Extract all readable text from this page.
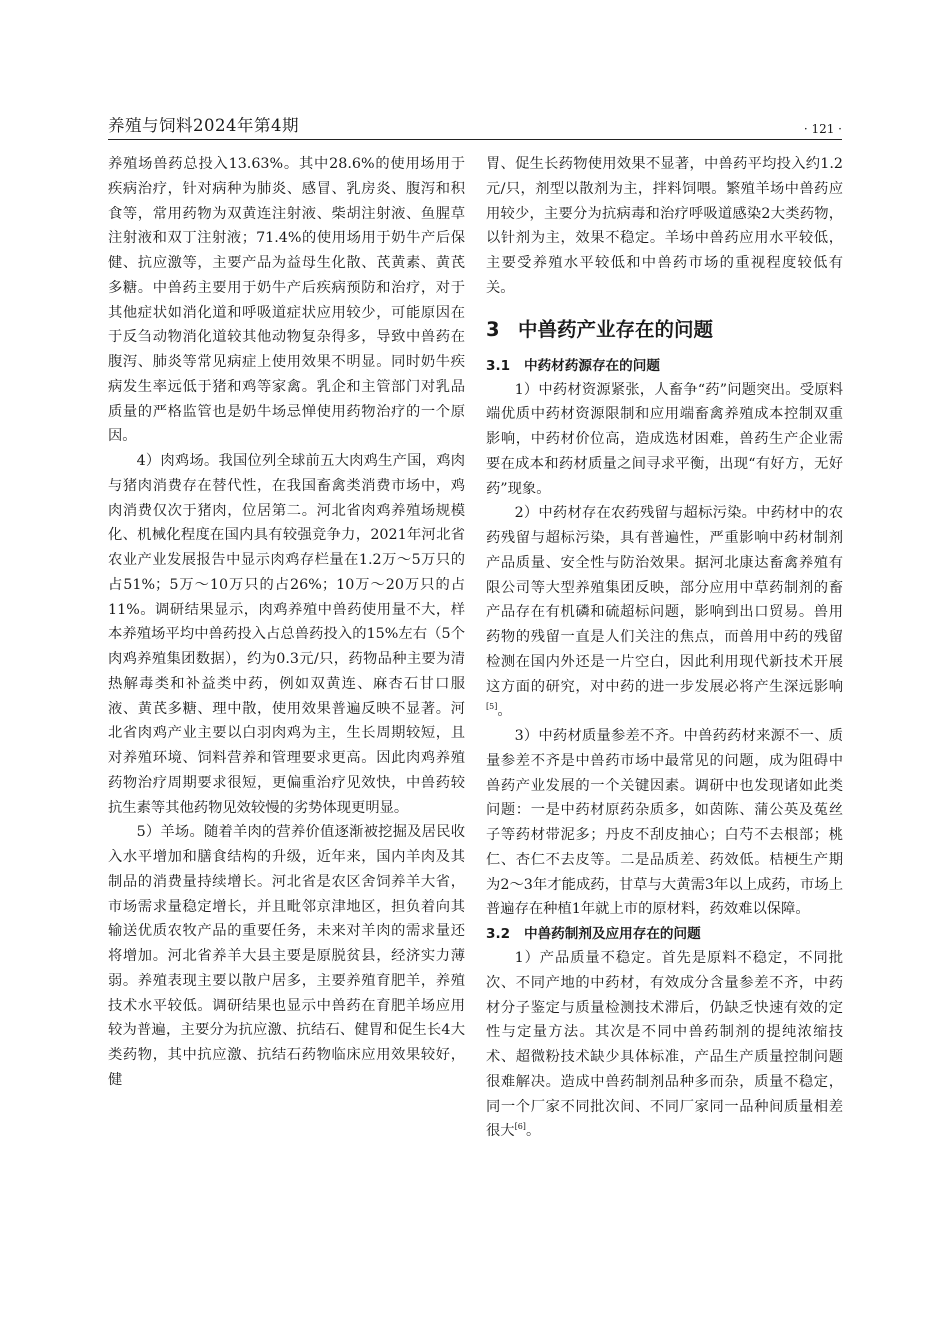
养殖与饲料2024年第4期	· 121 ·

养殖场兽药总投入13.63%。其中28.6%的使用场用于疾病治疗，针对病种为肺炎、感冒、乳房炎、腹泻和积食等，常用药物为双黄连注射液、柴胡注射液、鱼腥草注射液和双丁注射液；71.4%的使用场用于奶牛产后保健、抗应激等，主要产品为益母生化散、芪黄素、黄芪多糖。中兽药主要用于奶牛产后疾病预防和治疗，对于其他症状如消化道和呼吸道症状应用较少，可能原因在于反刍动物消化道较其他动物复杂得多，导致中兽药在腹泻、肺炎等常见病症上使用效果不明显。同时奶牛疾病发生率远低于猪和鸡等家禽。乳企和主管部门对乳品质量的严格监管也是奶牛场忌惮使用药物治疗的一个原因。

4）肉鸡场。我国位列全球前五大肉鸡生产国，鸡肉与猪肉消费存在替代性，在我国畜禽类消费市场中，鸡肉消费仅次于猪肉，位居第二。河北省肉鸡养殖场规模化、机械化程度在国内具有较强竞争力，2021年河北省农业产业发展报告中显示肉鸡存栏量在1.2万～5万只的占51%；5万～10万只的占26%；10万～20万只的占11%。调研结果显示，肉鸡养殖中兽药使用量不大，样本养殖场平均中兽药投入占总兽药投入的15%左右（5个肉鸡养殖集团数据），约为0.3元/只，药物品种主要为清热解毒类和补益类中药，例如双黄连、麻杏石甘口服液、黄芪多糖、理中散，使用效果普遍反映不显著。河北省肉鸡产业主要以白羽肉鸡为主，生长周期较短，且对养殖环境、饲料营养和管理要求更高。因此肉鸡养殖药物治疗周期要求很短，更偏重治疗见效快，中兽药较抗生素等其他药物见效较慢的劣势体现更明显。

5）羊场。随着羊肉的营养价值逐渐被挖掘及居民收入水平增加和膳食结构的升级，近年来，国内羊肉及其制品的消费量持续增长。河北省是农区舍饲养羊大省，市场需求量稳定增长，并且毗邻京津地区，担负着向其输送优质农牧产品的重要任务，未来对羊肉的需求量还将增加。河北省养羊大县主要是原脱贫县，经济实力薄弱。养殖表现主要以散户居多，主要养殖育肥羊，养殖技术水平较低。调研结果也显示中兽药在育肥羊场应用较为普遍，主要分为抗应激、抗结石、健胃和促生长4大类药物，其中抗应激、抗结石药物临床应用效果较好，健

胃、促生长药物使用效果不显著，中兽药平均投入约1.2元/只，剂型以散剂为主，拌料饲喂。繁殖羊场中兽药应用较少，主要分为抗病毒和治疗呼吸道感染2大类药物，以针剂为主，效果不稳定。羊场中兽药应用水平较低，主要受养殖水平较低和中兽药市场的重视程度较低有关。

3 中兽药产业存在的问题
3.1 中药材药源存在的问题

1）中药材资源紧张，人畜争“药”问题突出。受原料端优质中药材资源限制和应用端畜禽养殖成本控制双重影响，中药材价位高，造成选材困难，兽药生产企业需要在成本和药材质量之间寻求平衡，出现“有好方，无好药”现象。

2）中药材存在农药残留与超标污染。中药材中的农药残留与超标污染，具有普遍性，严重影响中药材制剂产品质量、安全性与防治效果。据河北康达畜禽养殖有限公司等大型养殖集团反映，部分应用中草药制剂的畜产品存在有机磷和硫超标问题，影响到出口贸易。兽用药物的残留一直是人们关注的焦点，而兽用中药的残留检测在国内外还是一片空白，因此利用现代新技术开展这方面的研究，对中药的进一步发展必将产生深远影响[5]。

3）中药材质量参差不齐。中兽药药材来源不一、质量参差不齐是中兽药市场中最常见的问题，成为阻碍中兽药产业发展的一个关键因素。调研中也发现诸如此类问题：一是中药材原药杂质多，如茵陈、蒲公英及菟丝子等药材带泥多；丹皮不刮皮抽心；白芍不去根部；桃仁、杏仁不去皮等。二是品质差、药效低。桔梗生产期为2～3年才能成药，甘草与大黄需3年以上成药，市场上普遍存在种植1年就上市的原材料，药效难以保障。

3.2 中兽药制剂及应用存在的问题

1）产品质量不稳定。首先是原料不稳定，不同批次、不同产地的中药材，有效成分含量参差不齐，中药材分子鉴定与质量检测技术滞后，仍缺乏快速有效的定性与定量方法。其次是不同中兽药制剂的提纯浓缩技术、超微粉技术缺少具体标准，产品生产质量控制问题很难解决。造成中兽药制剂品种多而杂，质量不稳定，同一个厂家不同批次间、不同厂家同一品种间质量相差很大[6]。
